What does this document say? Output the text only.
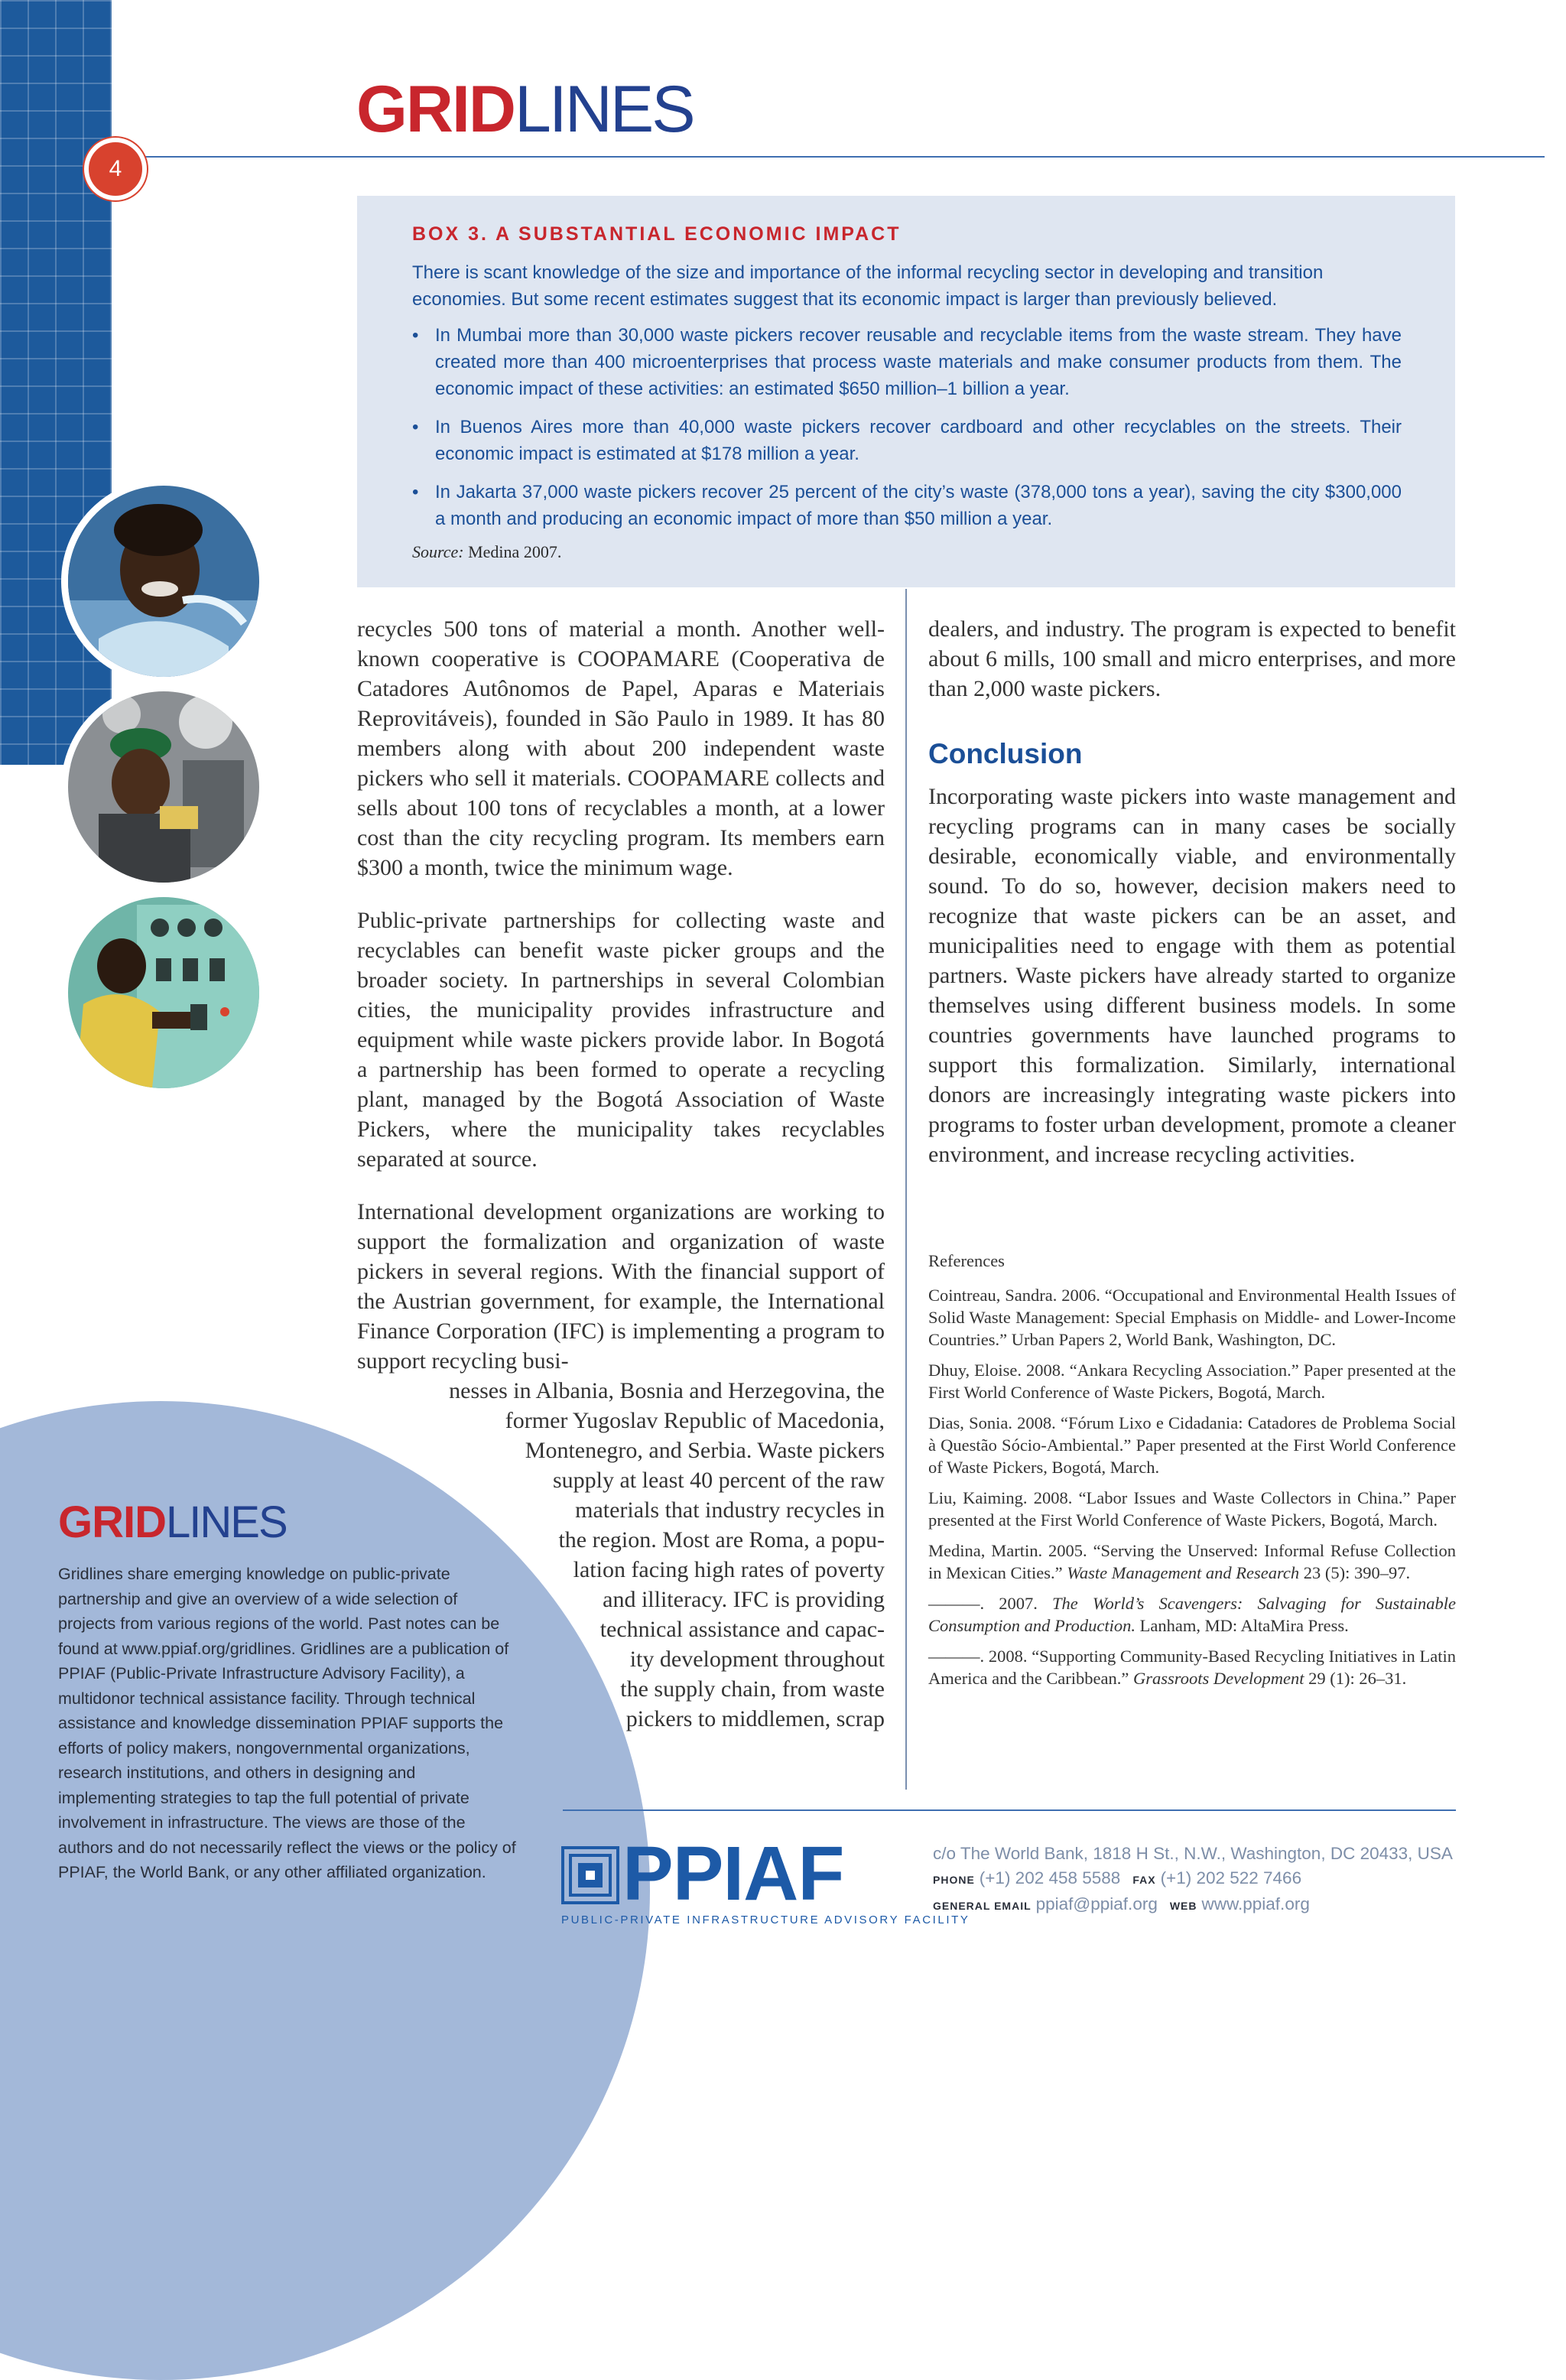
GRIDLINES
4
BOX 3. A SUBSTANTIAL ECONOMIC IMPACT

There is scant knowledge of the size and importance of the informal recycling sector in developing and transition economies. But some recent estimates suggest that its economic impact is larger than previously believed.

• In Mumbai more than 30,000 waste pickers recover reusable and recyclable items from the waste stream. They have created more than 400 microenterprises that process waste materials and make consumer products from them. The economic impact of these activities: an estimated $650 million–1 billion a year.
• In Buenos Aires more than 40,000 waste pickers recover cardboard and other recyclables on the streets. Their economic impact is estimated at $178 million a year.
• In Jakarta 37,000 waste pickers recover 25 percent of the city’s waste (378,000 tons a year), saving the city $300,000 a month and producing an economic impact of more than $50 million a year.
Source: Medina 2007.
GRIDLINES

Gridlines share emerging knowledge on public-private partnership and give an overview of a wide selection of projects from various regions of the world. Past notes can be found at www.ppiaf.org/gridlines. Gridlines are a publication of PPIAF (Public-Private Infrastructure Advisory Facility), a multidonor technical assistance facility. Through technical assistance and knowledge dissemination PPIAF supports the efforts of policy makers, nongovernmental organizations, research institutions, and others in designing and implementing strategies to tap the full potential of private involvement in infrastructure. The views are those of the authors and do not necessarily reflect the views or the policy of PPIAF, the World Bank, or any other affiliated organization.

recycles 500 tons of material a month. Another well-known cooperative is COOPAMARE (Cooperativa de Catadores Autônomos de Papel, Aparas e Materiais Reprovitáveis), founded in São Paulo in 1989. It has 80 members along with about 200 independent waste pickers who sell it materials. COOPAMARE collects and sells about 100 tons of recyclables a month, at a lower cost than the city recycling program. Its members earn $300 a month, twice the minimum wage.

Public-private partnerships for collecting waste and recyclables can benefit waste picker groups and the broader society. In partnerships in several Colombian cities, the municipality provides infrastructure and equipment while waste pickers provide labor. In Bogotá a partnership has been formed to operate a recycling plant, managed by the Bogotá Association of Waste Pickers, where the municipality takes recyclables separated at source.

International development organizations are working to support the formalization and organization of waste pickers in several regions. With the financial support of the Austrian government, for example, the International Finance Corporation (IFC) is implementing a program to support recycling busi-
nesses in Albania, Bosnia and Herzegovina, the
former Yugoslav Republic of Macedonia,
Montenegro, and Serbia. Waste pickers
supply at least 40 percent of the raw
materials that industry recycles in
the region. Most are Roma, a popu-
lation facing high rates of poverty
and illiteracy. IFC is providing
technical assistance and capac-
ity development throughout
the supply chain, from waste
pickers to middlemen, scrap

dealers, and industry. The program is expected to benefit about 6 mills, 100 small and micro enterprises, and more than 2,000 waste pickers.

Conclusion

Incorporating waste pickers into waste management and recycling programs can in many cases be socially desirable, economically viable, and environmentally sound. To do so, however, decision makers need to recognize that waste pickers can be an asset, and municipalities need to engage with them as potential partners. Waste pickers have already started to organize themselves using different business models. In some countries governments have launched programs to support this formalization. Similarly, international donors are increasingly integrating waste pickers into programs to foster urban development, promote a cleaner environment, and increase recycling activities.

References
Cointreau, Sandra. 2006. “Occupational and Environmental Health Issues of Solid Waste Management: Special Emphasis on Middle- and Lower-Income Countries.” Urban Papers 2, World Bank, Washington, DC.
Dhuy, Eloise. 2008. “Ankara Recycling Association.” Paper presented at the First World Conference of Waste Pickers, Bogotá, March.
Dias, Sonia. 2008. “Fórum Lixo e Cidadania: Catadores de Problema Social à Questão Sócio-Ambiental.” Paper presented at the First World Conference of Waste Pickers, Bogotá, March.
Liu, Kaiming. 2008. “Labor Issues and Waste Collectors in China.” Paper presented at the First World Conference of Waste Pickers, Bogotá, March.
Medina, Martin. 2005. “Serving the Unserved: Informal Refuse Collection in Mexican Cities.” Waste Management and Research 23 (5): 390–97.
———. 2007. The World’s Scavengers: Salvaging for Sustainable Consumption and Production. Lanham, MD: AltaMira Press.
———. 2008. “Supporting Community-Based Recycling Initiatives in Latin America and the Caribbean.” Grassroots Development 29 (1): 26–31.
PPIAF
PUBLIC-PRIVATE INFRASTRUCTURE ADVISORY FACILITY
c/o The World Bank, 1818 H St., N.W., Washington, DC 20433, USA
PHONE (+1) 202 458 5588 FAX (+1) 202 522 7466
GENERAL EMAIL ppiaf@ppiaf.org WEB www.ppiaf.org
